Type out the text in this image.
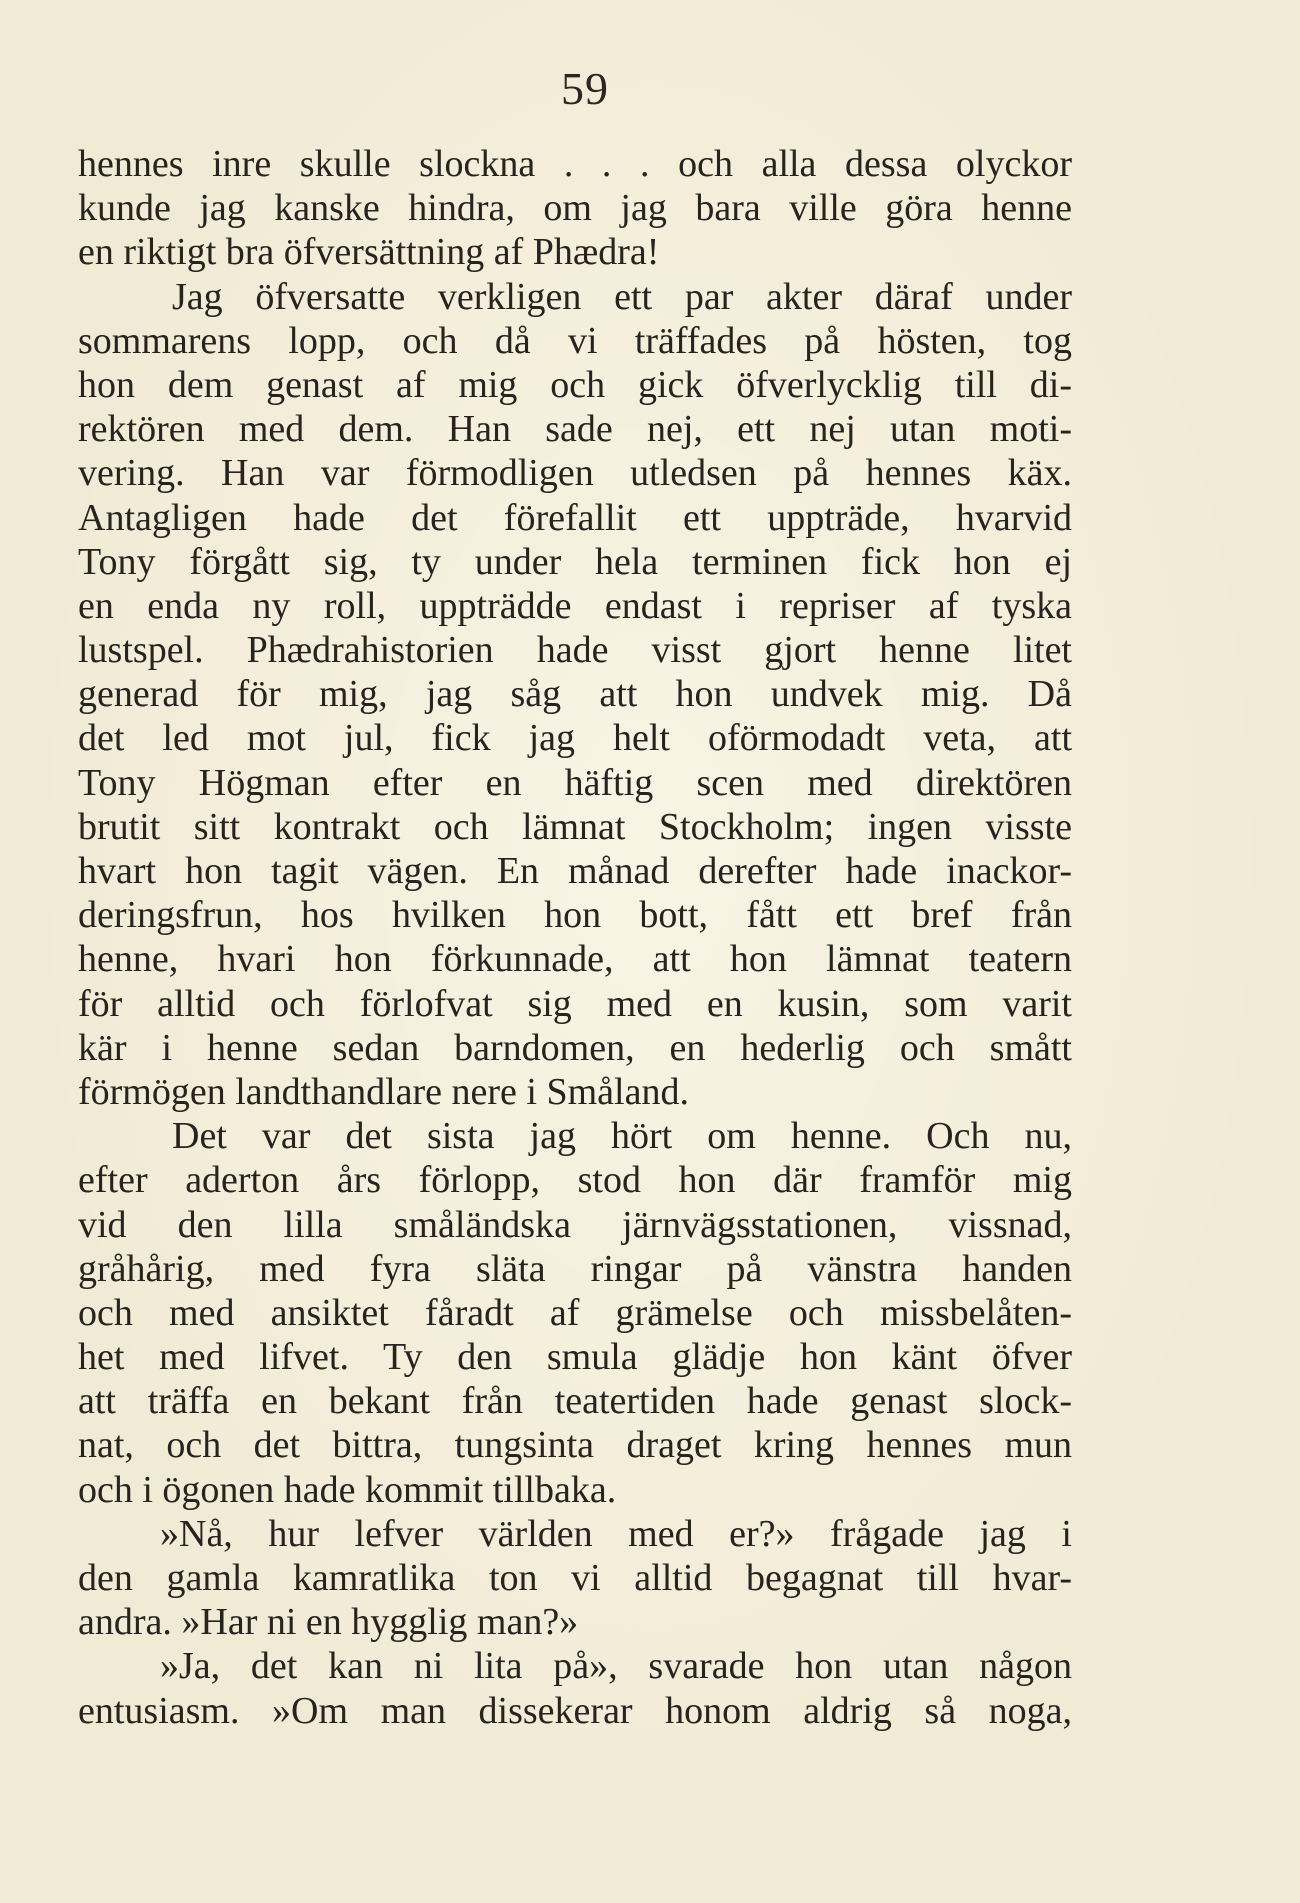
59
hennes inre skulle slockna . . . och alla dessa olyckor
kunde jag kanske hindra, om jag bara ville göra henne
en riktigt bra öfversättning af Phædra!
Jag öfversatte verkligen ett par akter däraf under
sommarens lopp, och då vi träffades på hösten, tog
hon dem genast af mig och gick öfverlycklig till di-
rektören med dem. Han sade nej, ett nej utan moti-
vering. Han var förmodligen utledsen på hennes käx.
Antagligen hade det förefallit ett uppträde, hvarvid
Tony förgått sig, ty under hela terminen fick hon ej
en enda ny roll, uppträdde endast i repriser af tyska
lustspel. Phædrahistorien hade visst gjort henne litet
generad för mig, jag såg att hon undvek mig. Då
det led mot jul, fick jag helt oförmodadt veta, att
Tony Högman efter en häftig scen med direktören
brutit sitt kontrakt och lämnat Stockholm; ingen visste
hvart hon tagit vägen. En månad derefter hade inackor-
deringsfrun, hos hvilken hon bott, fått ett bref från
henne, hvari hon förkunnade, att hon lämnat teatern
för alltid och förlofvat sig med en kusin, som varit
kär i henne sedan barndomen, en hederlig och smått
förmögen landthandlare nere i Småland.
Det var det sista jag hört om henne. Och nu,
efter aderton års förlopp, stod hon där framför mig
vid den lilla småländska järnvägsstationen, vissnad,
gråhårig, med fyra släta ringar på vänstra handen
och med ansiktet fåradt af grämelse och missbelåten-
het med lifvet. Ty den smula glädje hon känt öfver
att träffa en bekant från teatertiden hade genast slock-
nat, och det bittra, tungsinta draget kring hennes mun
och i ögonen hade kommit tillbaka.
»Nå, hur lefver världen med er?» frågade jag i
den gamla kamratlika ton vi alltid begagnat till hvar-
andra. »Har ni en hygglig man?»
»Ja, det kan ni lita på», svarade hon utan någon
entusiasm. »Om man dissekerar honom aldrig så noga,
